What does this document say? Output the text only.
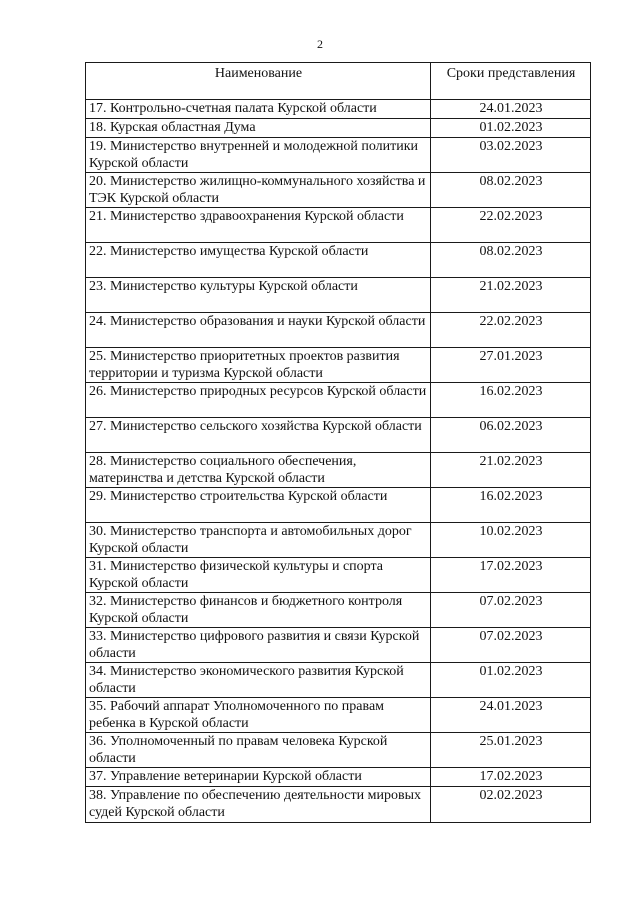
2
Наименование	Сроки представления
17. Контрольно-счетная палата Курской области	24.01.2023
18. Курская областная Дума	01.02.2023
19. Министерство внутренней и молодежной политики Курской области	03.02.2023
20. Министерство жилищно-коммунального хозяйства и ТЭК Курской области	08.02.2023
21. Министерство здравоохранения Курской области	22.02.2023
22. Министерство имущества Курской области	08.02.2023
23. Министерство культуры Курской области	21.02.2023
24. Министерство образования и науки Курской области	22.02.2023
25. Министерство приоритетных проектов развития территории и туризма Курской области	27.01.2023
26. Министерство природных ресурсов Курской области	16.02.2023
27. Министерство сельского хозяйства Курской области	06.02.2023
28. Министерство социального обеспечения, материнства и детства Курской области	21.02.2023
29. Министерство строительства Курской области	16.02.2023
30. Министерство транспорта и автомобильных дорог Курской области	10.02.2023
31. Министерство физической культуры и спорта Курской области	17.02.2023
32. Министерство финансов и бюджетного контроля Курской области	07.02.2023
33. Министерство цифрового развития и связи Курской области	07.02.2023
34. Министерство экономического развития Курской области	01.02.2023
35. Рабочий аппарат Уполномоченного по правам ребенка в Курской области	24.01.2023
36. Уполномоченный по правам человека Курской области	25.01.2023
37. Управление ветеринарии Курской области	17.02.2023
38. Управление по обеспечению деятельности мировых судей Курской области	02.02.2023
